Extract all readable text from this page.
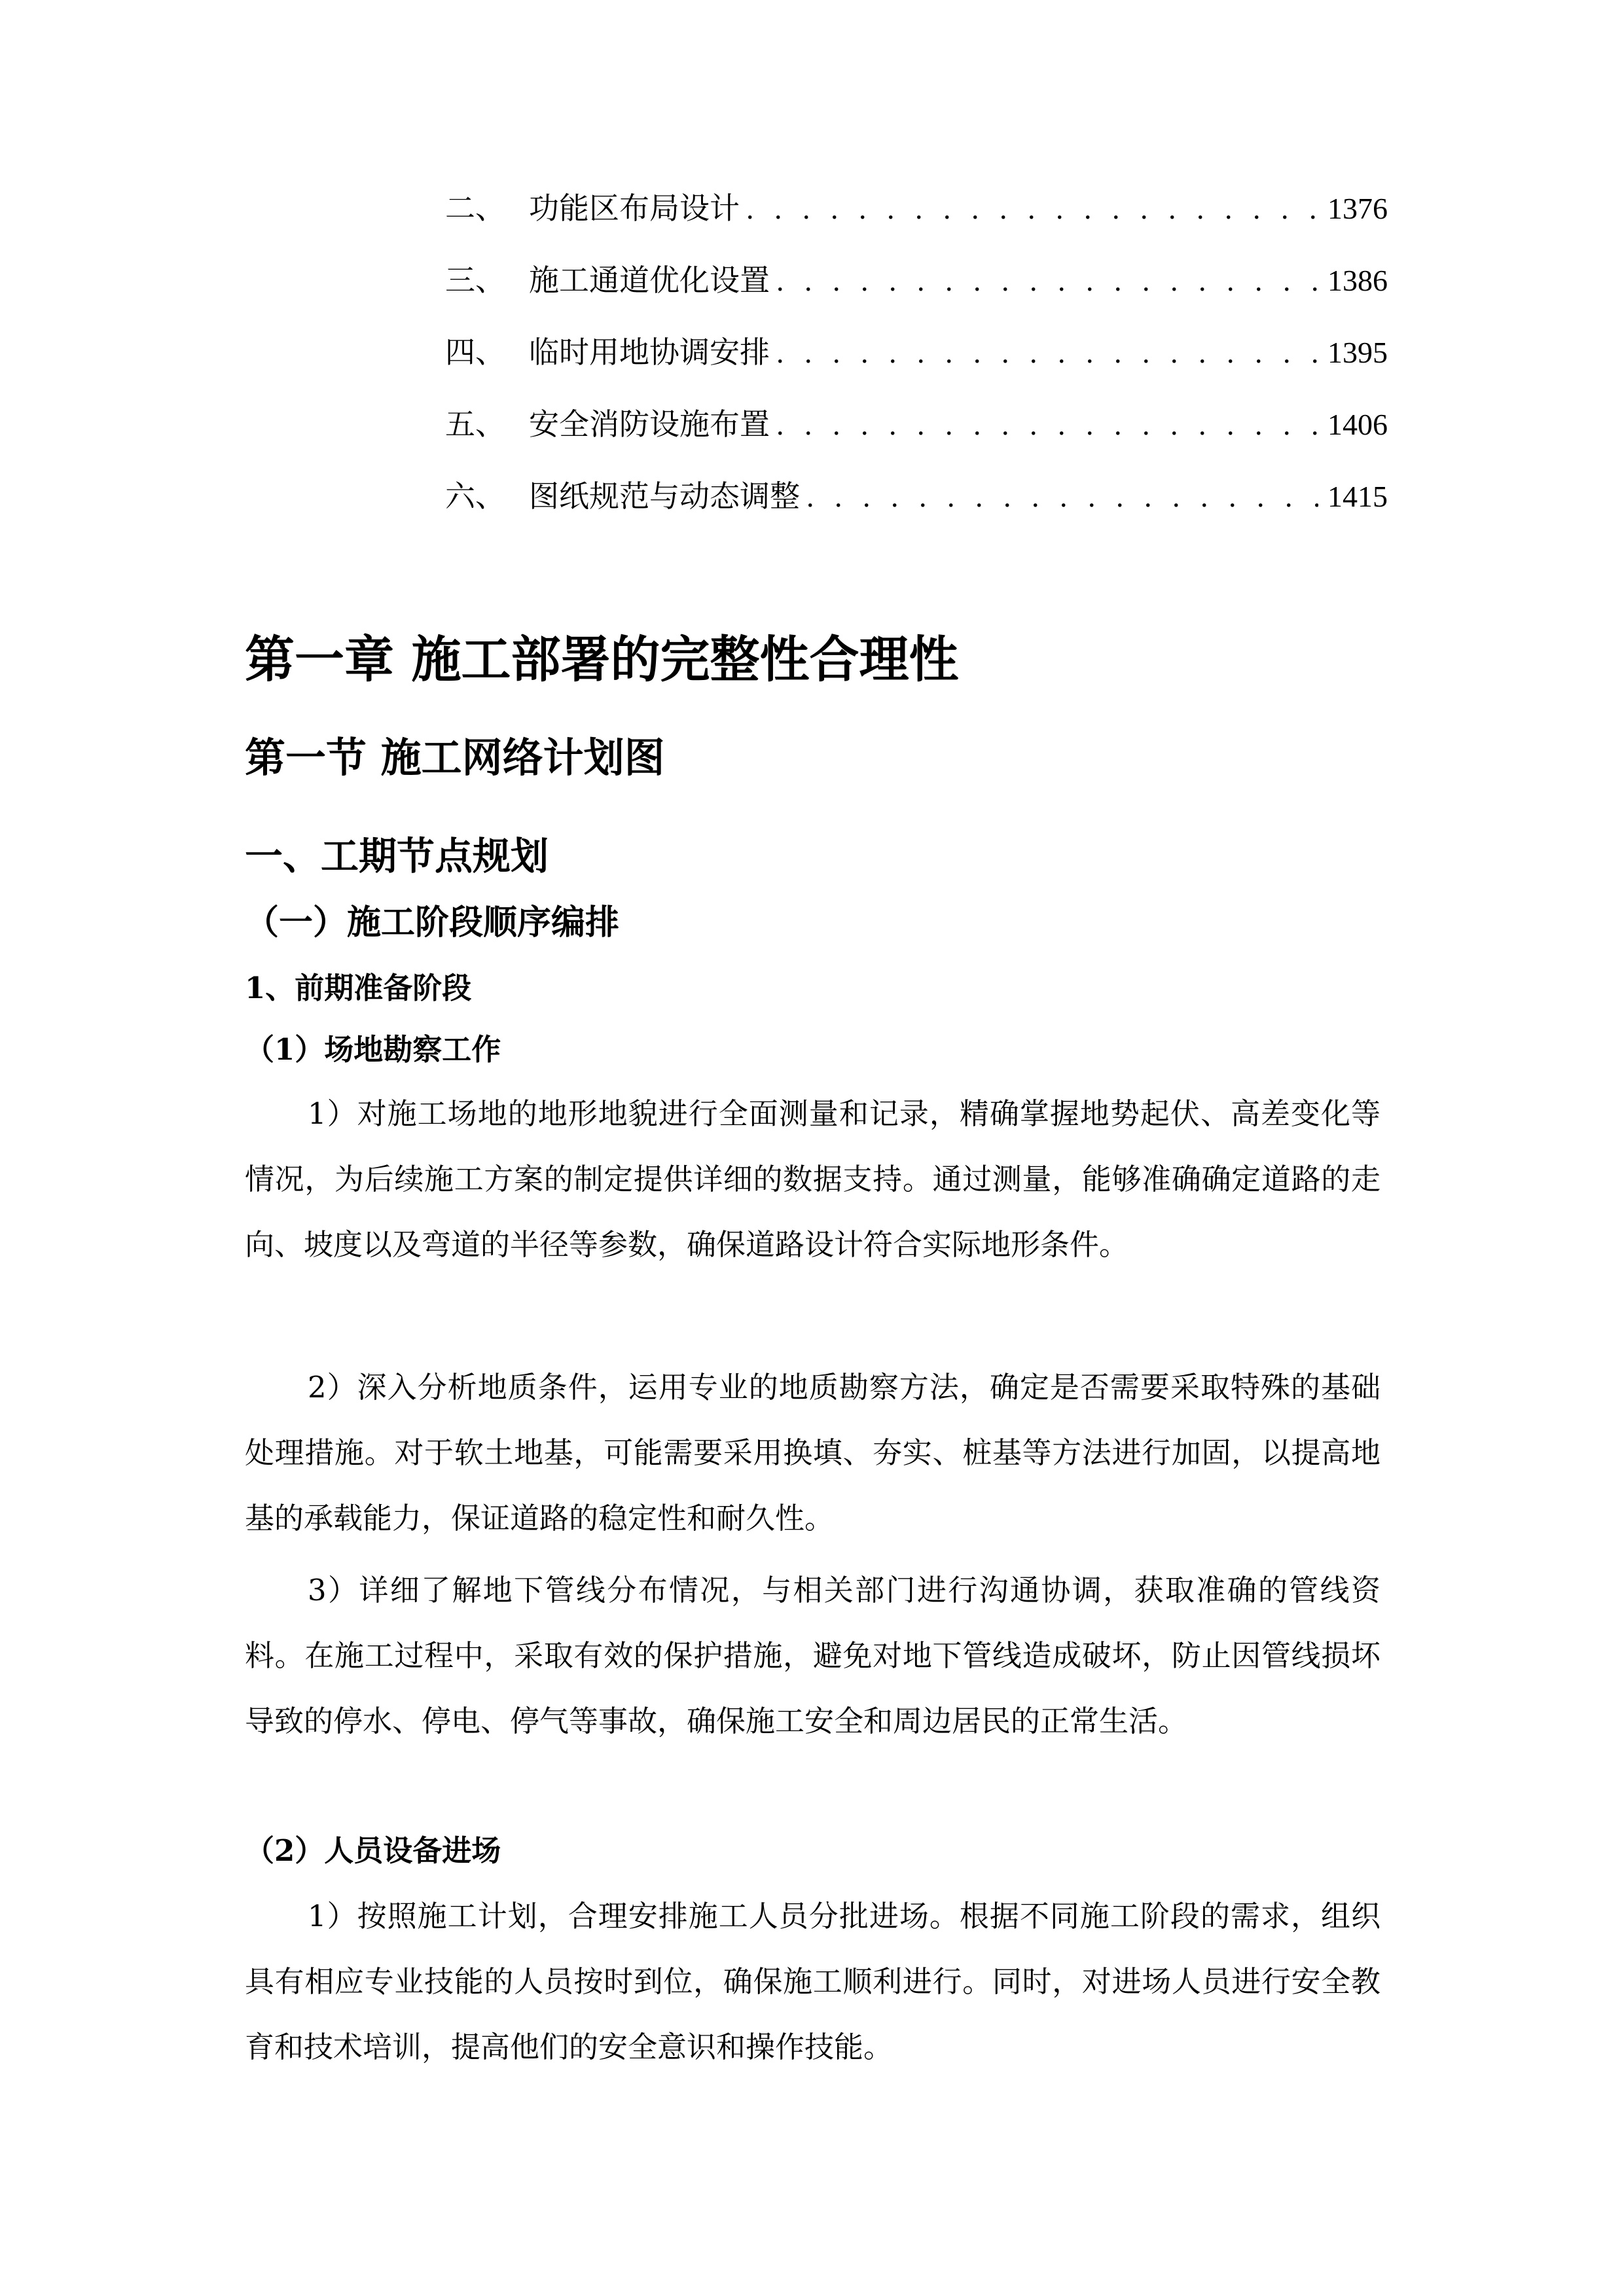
二、 功能区布局设计 . . .	1376
三、 施工通道优化设置 . . .	1386
四、 临时用地协调安排 . . .	1395
五、 安全消防设施布置 . . .	1406
六、 图纸规范与动态调整 . . .	1415
第一章 施工部署的完整性合理性
第一节 施工网络计划图
一、工期节点规划
（一）施工阶段顺序编排
1、前期准备阶段
（1）场地勘察工作

1）对施工场地的地形地貌进行全面测量和记录，精确掌握地势起伏、高差变化等情况，为后续施工方案的制定提供详细的数据支持。通过测量，能够准确确定道路的走向、坡度以及弯道的半径等参数，确保道路设计符合实际地形条件。

2）深入分析地质条件，运用专业的地质勘察方法，确定是否需要采取特殊的基础处理措施。对于软土地基，可能需要采用换填、夯实、桩基等方法进行加固，以提高地基的承载能力，保证道路的稳定性和耐久性。

3）详细了解地下管线分布情况，与相关部门进行沟通协调，获取准确的管线资料。在施工过程中，采取有效的保护措施，避免对地下管线造成破坏，防止因管线损坏导致的停水、停电、停气等事故，确保施工安全和周边居民的正常生活。

（2）人员设备进场

1）按照施工计划，合理安排施工人员分批进场。根据不同施工阶段的需求，组织具有相应专业技能的人员按时到位，确保施工顺利进行。同时，对进场人员进行安全教育和技术培训，提高他们的安全意识和操作技能。
